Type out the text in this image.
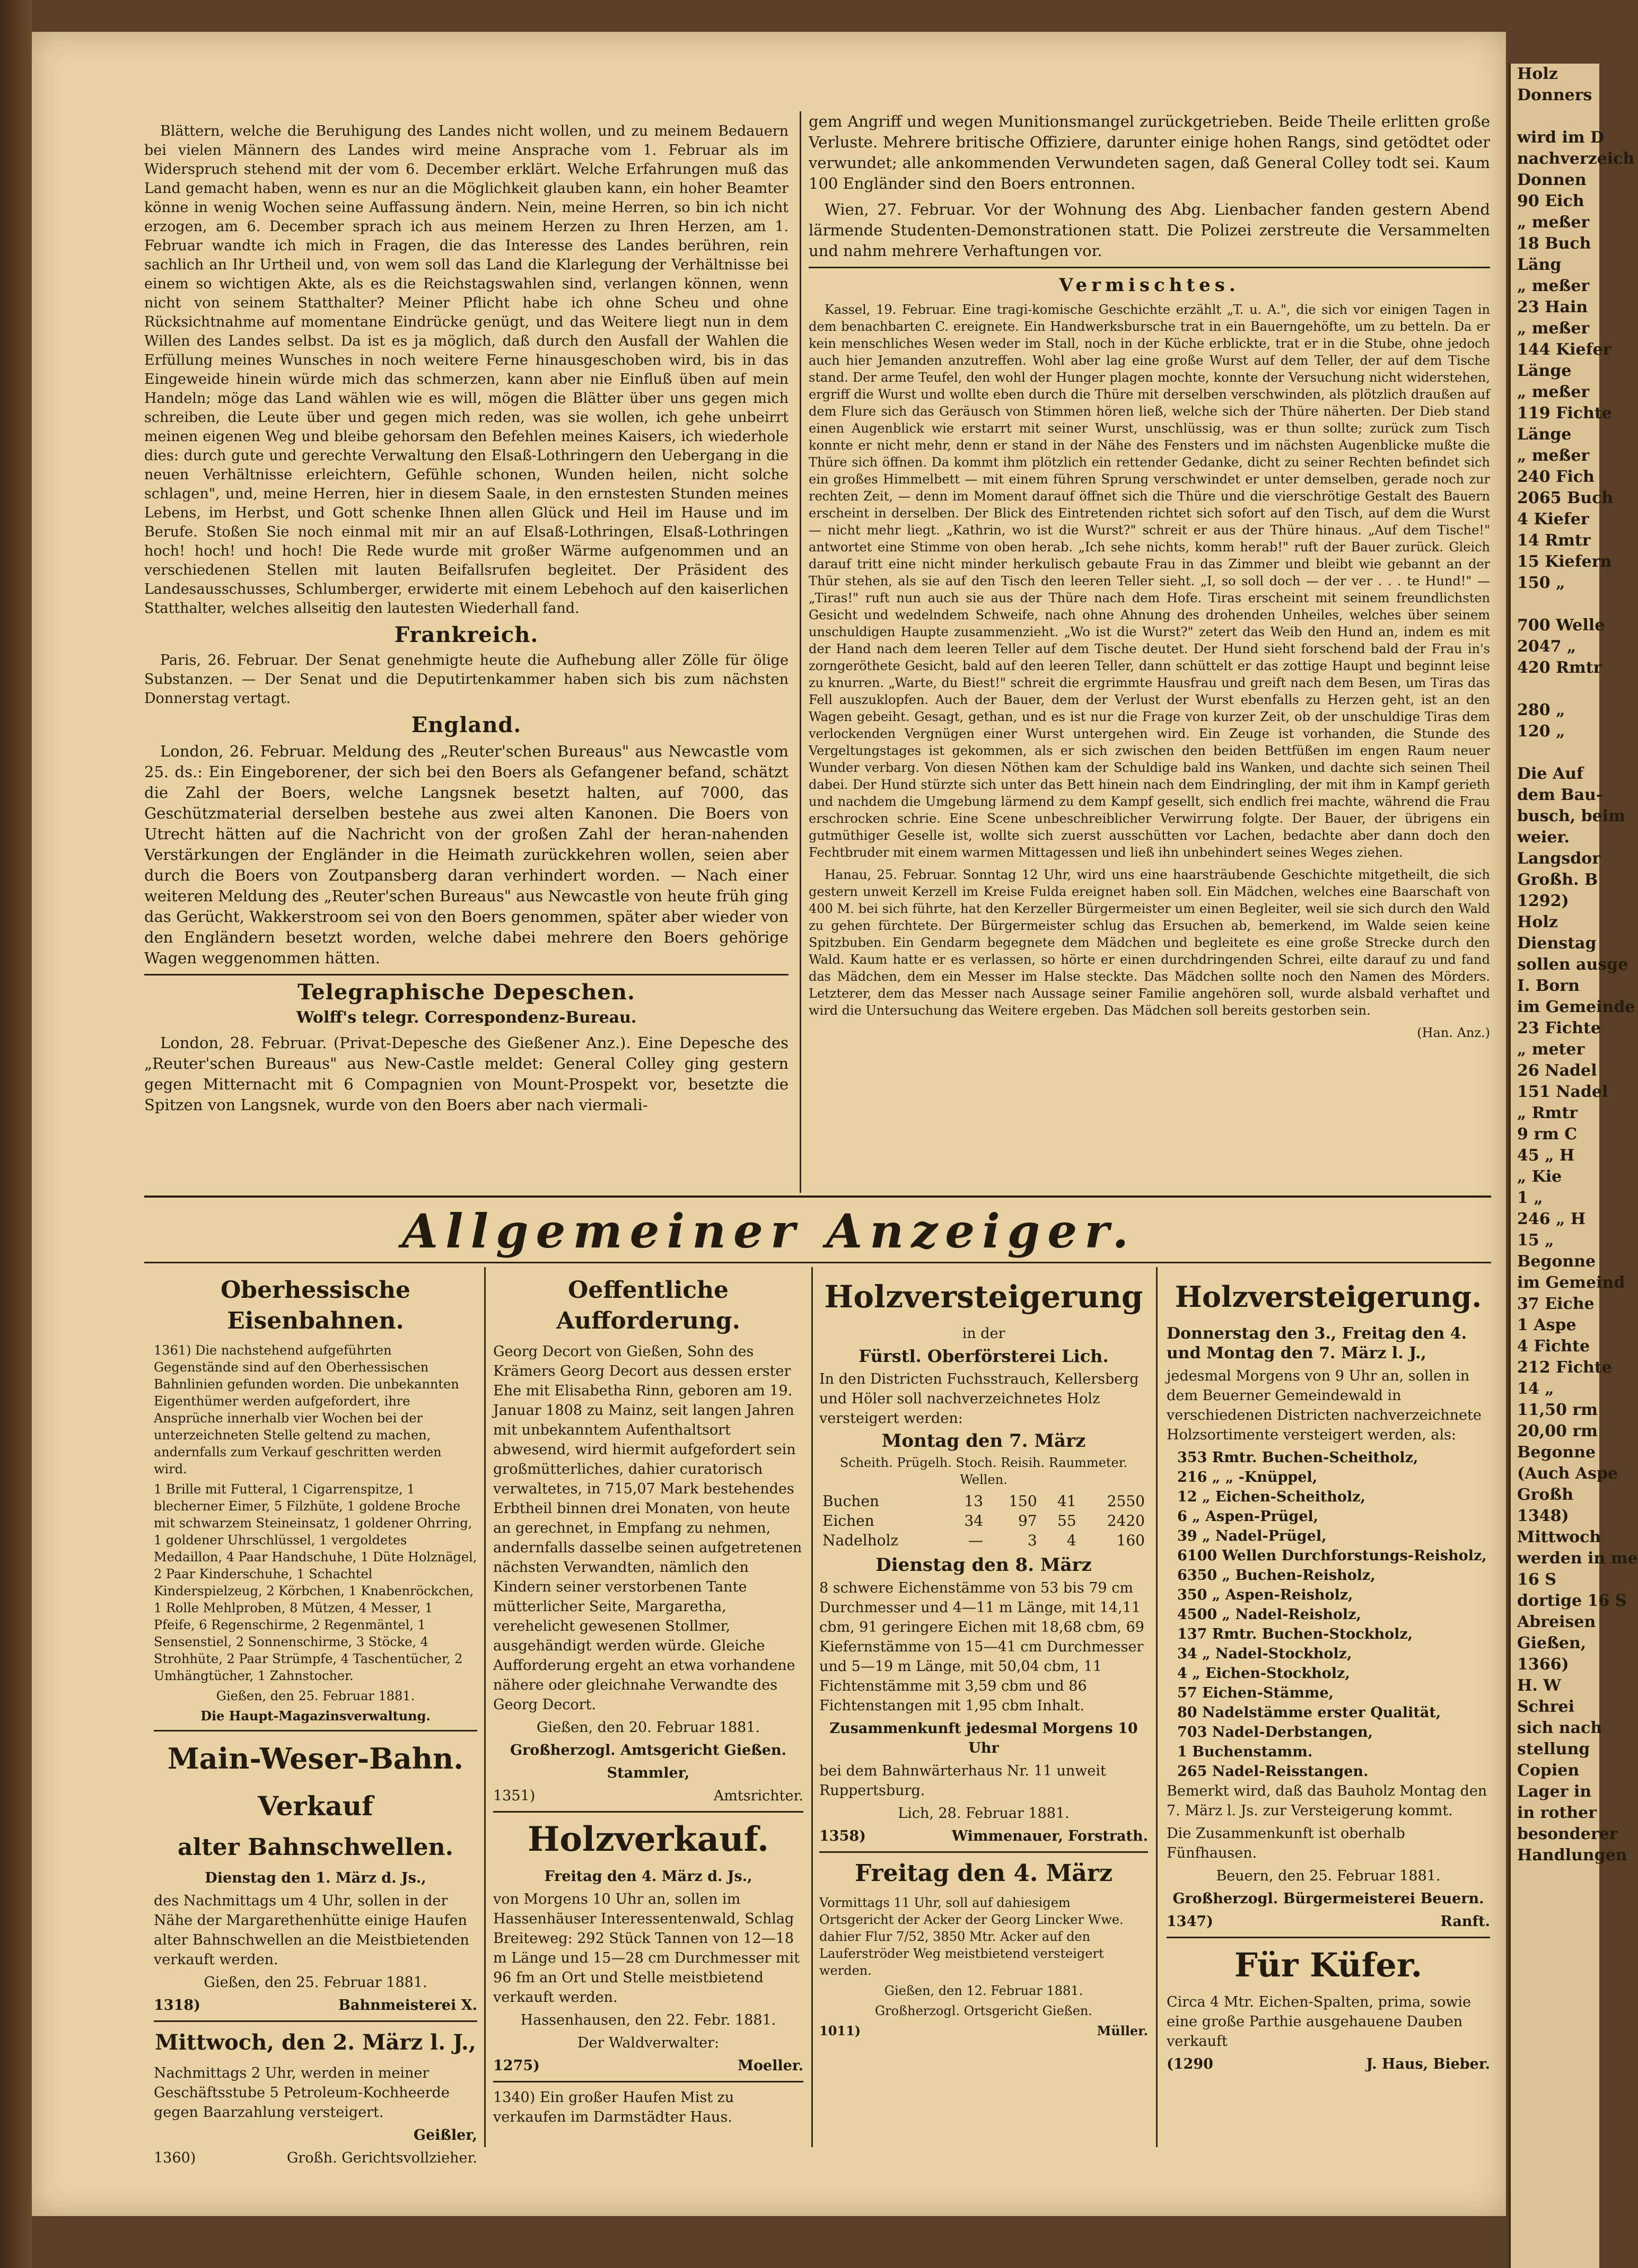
Blättern, welche die Beruhigung des Landes nicht wollen, und zu meinem Bedauern bei vielen Männern des Landes wird meine Ansprache vom 1. Februar als im Widerspruch stehend mit der vom 6. December erklärt. Welche Erfahrungen muß das Land gemacht haben, wenn es nur an die Möglichkeit glauben kann, ein hoher Beamter könne in wenig Wochen seine Auffassung ändern. Nein, meine Herren, so bin ich nicht erzogen, am 6. December sprach ich aus meinem Herzen zu Ihren Herzen, am 1. Februar wandte ich mich in Fragen, die das Interesse des Landes berühren, rein sachlich an Ihr Urtheil und, von wem soll das Land die Klarlegung der Verhältnisse bei einem so wichtigen Akte, als es die Reichstagswahlen sind, verlangen können, wenn nicht von seinem Statthalter? Meiner Pflicht habe ich ohne Scheu und ohne Rücksichtnahme auf momentane Eindrücke genügt, und das Weitere liegt nun in dem Willen des Landes selbst. Da ist es ja möglich, daß durch den Ausfall der Wahlen die Erfüllung meines Wunsches in noch weitere Ferne hinausgeschoben wird, bis in das Eingeweide hinein würde mich das schmerzen, kann aber nie Einfluß üben auf mein Handeln; möge das Land wählen wie es will, mögen die Blätter über uns gegen mich schreiben, die Leute über und gegen mich reden, was sie wollen, ich gehe unbeirrt meinen eigenen Weg und bleibe gehorsam den Befehlen meines Kaisers, ich wiederhole dies: durch gute und gerechte Verwaltung den Elsaß-Lothringern den Uebergang in die neuen Verhältnisse erleichtern, Gefühle schonen, Wunden heilen, nicht solche schlagen", und, meine Herren, hier in diesem Saale, in den ernstesten Stunden meines Lebens, im Herbst, und Gott schenke Ihnen allen Glück und Heil im Hause und im Berufe. Stoßen Sie noch einmal mit mir an auf Elsaß-Lothringen, Elsaß-Lothringen hoch! hoch! und hoch! Die Rede wurde mit großer Wärme aufgenommen und an verschiedenen Stellen mit lauten Beifallsrufen begleitet. Der Präsident des Landesausschusses, Schlumberger, erwiderte mit einem Lebehoch auf den kaiserlichen Statthalter, welches allseitig den lautesten Wiederhall fand.

Frankreich.

Paris, 26. Februar. Der Senat genehmigte heute die Aufhebung aller Zölle für ölige Substanzen. — Der Senat und die Deputirtenkammer haben sich bis zum nächsten Donnerstag vertagt.

England.

London, 26. Februar. Meldung des „Reuter'schen Bureaus" aus Newcastle vom 25. ds.: Ein Eingeborener, der sich bei den Boers als Gefangener befand, schätzt die Zahl der Boers, welche Langsnek besetzt halten, auf 7000, das Geschützmaterial derselben bestehe aus zwei alten Kanonen. Die Boers von Utrecht hätten auf die Nachricht von der großen Zahl der heran-nahenden Verstärkungen der Engländer in die Heimath zurückkehren wollen, seien aber durch die Boers von Zoutpansberg daran verhindert worden. — Nach einer weiteren Meldung des „Reuter'schen Bureaus" aus Newcastle von heute früh ging das Gerücht, Wakkerstroom sei von den Boers genommen, später aber wieder von den Engländern besetzt worden, welche dabei mehrere den Boers gehörige Wagen weggenommen hätten.

Telegraphische Depeschen.
Wolff's telegr. Correspondenz-Bureau.

London, 28. Februar. (Privat-Depesche des Gießener Anz.). Eine Depesche des „Reuter'schen Bureaus" aus New-Castle meldet: General Colley ging gestern gegen Mitternacht mit 6 Compagnien von Mount-Prospekt vor, besetzte die Spitzen von Langsnek, wurde von den Boers aber nach viermali-

gem Angriff und wegen Munitionsmangel zurückgetrieben. Beide Theile erlitten große Verluste. Mehrere britische Offiziere, darunter einige hohen Rangs, sind getödtet oder verwundet; alle ankommenden Verwundeten sagen, daß General Colley todt sei. Kaum 100 Engländer sind den Boers entronnen.

Wien, 27. Februar. Vor der Wohnung des Abg. Lienbacher fanden gestern Abend lärmende Studenten-Demonstrationen statt. Die Polizei zerstreute die Versammelten und nahm mehrere Verhaftungen vor.

Vermischtes.

Kassel, 19. Februar. Eine tragi-komische Geschichte erzählt „T. u. A.", die sich vor einigen Tagen in dem benachbarten C. ereignete. Ein Handwerksbursche trat in ein Bauerngehöfte, um zu betteln. Da er kein menschliches Wesen weder im Stall, noch in der Küche erblickte, trat er in die Stube, ohne jedoch auch hier Jemanden anzutreffen. Wohl aber lag eine große Wurst auf dem Teller, der auf dem Tische stand. Der arme Teufel, den wohl der Hunger plagen mochte, konnte der Versuchung nicht widerstehen, ergriff die Wurst und wollte eben durch die Thüre mit derselben verschwinden, als plötzlich draußen auf dem Flure sich das Geräusch von Stimmen hören ließ, welche sich der Thüre näherten. Der Dieb stand einen Augenblick wie erstarrt mit seiner Wurst, unschlüssig, was er thun sollte; zurück zum Tisch konnte er nicht mehr, denn er stand in der Nähe des Fensters und im nächsten Augenblicke mußte die Thüre sich öffnen. Da kommt ihm plötzlich ein rettender Gedanke, dicht zu seiner Rechten befindet sich ein großes Himmelbett — mit einem führen Sprung verschwindet er unter demselben, gerade noch zur rechten Zeit, — denn im Moment darauf öffnet sich die Thüre und die vierschrötige Gestalt des Bauern erscheint in derselben. Der Blick des Eintretenden richtet sich sofort auf den Tisch, auf dem die Wurst — nicht mehr liegt. „Kathrin, wo ist die Wurst?" schreit er aus der Thüre hinaus. „Auf dem Tische!" antwortet eine Stimme von oben herab. „Ich sehe nichts, komm herab!" ruft der Bauer zurück. Gleich darauf tritt eine nicht minder herkulisch gebaute Frau in das Zimmer und bleibt wie gebannt an der Thür stehen, als sie auf den Tisch den leeren Teller sieht. „I, so soll doch — der ver . . . te Hund!" — „Tiras!" ruft nun auch sie aus der Thüre nach dem Hofe. Tiras erscheint mit seinem freundlichsten Gesicht und wedelndem Schweife, nach ohne Ahnung des drohenden Unheiles, welches über seinem unschuldigen Haupte zusammenzieht. „Wo ist die Wurst?" zetert das Weib den Hund an, indem es mit der Hand nach dem leeren Teller auf dem Tische deutet. Der Hund sieht forschend bald der Frau in's zorngeröthete Gesicht, bald auf den leeren Teller, dann schüttelt er das zottige Haupt und beginnt leise zu knurren. „Warte, du Biest!" schreit die ergrimmte Hausfrau und greift nach dem Besen, um Tiras das Fell auszuklopfen. Auch der Bauer, dem der Verlust der Wurst ebenfalls zu Herzen geht, ist an den Wagen gebeiht. Gesagt, gethan, und es ist nur die Frage von kurzer Zeit, ob der unschuldige Tiras dem verlockenden Vergnügen einer Wurst untergehen wird. Ein Zeuge ist vorhanden, die Stunde des Vergeltungstages ist gekommen, als er sich zwischen den beiden Bettfüßen im engen Raum neuer Wunder verbarg. Von diesen Nöthen kam der Schuldige bald ins Wanken, und dachte sich seinen Theil dabei. Der Hund stürzte sich unter das Bett hinein nach dem Eindringling, der mit ihm in Kampf gerieth und nachdem die Umgebung lärmend zu dem Kampf gesellt, sich endlich frei machte, während die Frau erschrocken schrie. Eine Scene unbeschreiblicher Verwirrung folgte. Der Bauer, der übrigens ein gutmüthiger Geselle ist, wollte sich zuerst ausschütten vor Lachen, bedachte aber dann doch den Fechtbruder mit einem warmen Mittagessen und ließ ihn unbehindert seines Weges ziehen.

Hanau, 25. Februar. Sonntag 12 Uhr, wird uns eine haarsträubende Geschichte mitgetheilt, die sich gestern unweit Kerzell im Kreise Fulda ereignet haben soll. Ein Mädchen, welches eine Baarschaft von 400 M. bei sich führte, hat den Kerzeller Bürgermeister um einen Begleiter, weil sie sich durch den Wald zu gehen fürchtete. Der Bürgermeister schlug das Ersuchen ab, bemerkend, im Walde seien keine Spitzbuben. Ein Gendarm begegnete dem Mädchen und begleitete es eine große Strecke durch den Wald. Kaum hatte er es verlassen, so hörte er einen durchdringenden Schrei, eilte darauf zu und fand das Mädchen, dem ein Messer im Halse steckte. Das Mädchen sollte noch den Namen des Mörders. Letzterer, dem das Messer nach Aussage seiner Familie angehören soll, wurde alsbald verhaftet und wird die Untersuchung das Weitere ergeben. Das Mädchen soll bereits gestorben sein.

(Han. Anz.)
Allgemeiner Anzeiger.
Oberhessische Eisenbahnen.

1361) Die nachstehend aufgeführten Gegenstände sind auf den Oberhessischen Bahnlinien gefunden worden. Die unbekannten Eigenthümer werden aufgefordert, ihre Ansprüche innerhalb vier Wochen bei der unterzeichneten Stelle geltend zu machen, andernfalls zum Verkauf geschritten werden wird.

1 Brille mit Futteral, 1 Cigarrenspitze, 1 blecherner Eimer, 5 Filzhüte, 1 goldene Broche mit schwarzem Steineinsatz, 1 goldener Ohrring, 1 goldener Uhrschlüssel, 1 vergoldetes Medaillon, 4 Paar Handschuhe, 1 Düte Holznägel, 2 Paar Kinderschuhe, 1 Schachtel Kinderspielzeug, 2 Körbchen, 1 Knabenröckchen, 1 Rolle Mehlproben, 8 Mützen, 4 Messer, 1 Pfeife, 6 Regenschirme, 2 Regenmäntel, 1 Sensenstiel, 2 Sonnenschirme, 3 Stöcke, 4 Strohhüte, 2 Paar Strümpfe, 4 Taschentücher, 2 Umhängtücher, 1 Zahnstocher.

Gießen, den 25. Februar 1881.

Die Haupt-Magazinsverwaltung.

Main-Weser-Bahn.
Verkauf
alter Bahnschwellen.

Dienstag den 1. März d. Js.,

des Nachmittags um 4 Uhr, sollen in der Nähe der Margarethenhütte einige Haufen alter Bahnschwellen an die Meistbietenden verkauft werden.

Gießen, den 25. Februar 1881.

1318)	Bahnmeisterei X.
Mittwoch, den 2. März l. J.,

Nachmittags 2 Uhr, werden in meiner Geschäftsstube 5 Petroleum-Kochheerde gegen Baarzahlung versteigert.

Geißler,

1360)	Großh. Gerichtsvollzieher.
Oeffentliche Aufforderung.

Georg Decort von Gießen, Sohn des Krämers Georg Decort aus dessen erster Ehe mit Elisabetha Rinn, geboren am 19. Januar 1808 zu Mainz, seit langen Jahren mit unbekanntem Aufenthaltsort abwesend, wird hiermit aufgefordert sein großmütterliches, dahier curatorisch verwaltetes, in 715,07 Mark bestehendes Erbtheil binnen drei Monaten, von heute an gerechnet, in Empfang zu nehmen, andernfalls dasselbe seinen aufgetretenen nächsten Verwandten, nämlich den Kindern seiner verstorbenen Tante mütterlicher Seite, Margaretha, verehelicht gewesenen Stollmer, ausgehändigt werden würde. Gleiche Aufforderung ergeht an etwa vorhandene nähere oder gleichnahe Verwandte des Georg Decort.

Gießen, den 20. Februar 1881.

Großherzogl. Amtsgericht Gießen.

Stammler,

1351)	Amtsrichter.
Holzverkauf.

Freitag den 4. März d. Js.,

von Morgens 10 Uhr an, sollen im Hassenhäuser Interessentenwald, Schlag Breiteweg: 292 Stück Tannen von 12—18 m Länge und 15—28 cm Durchmesser mit 96 fm an Ort und Stelle meistbietend verkauft werden.

Hassenhausen, den 22. Febr. 1881.

Der Waldverwalter:

1275)	Moeller.

1340) Ein großer Haufen Mist zu verkaufen im Darmstädter Haus.

Holzversteigerung

in der

Fürstl. Oberförsterei Lich.

In den Districten Fuchsstrauch, Kellersberg und Höler soll nachverzeichnetes Holz versteigert werden:

Montag den 7. März

Scheith. Prügelh. Stoch. Reisih. Raummeter. Wellen.

Buchen	13	150	41	2550
Eichen	34	97	55	2420
Nadelholz	—	3	4	160

Dienstag den 8. März

8 schwere Eichenstämme von 53 bis 79 cm Durchmesser und 4—11 m Länge, mit 14,11 cbm, 91 geringere Eichen mit 18,68 cbm, 69 Kiefernstämme von 15—41 cm Durchmesser und 5—19 m Länge, mit 50,04 cbm, 11 Fichtenstämme mit 3,59 cbm und 86 Fichtenstangen mit 1,95 cbm Inhalt.

Zusammenkunft jedesmal Morgens 10 Uhr

bei dem Bahnwärterhaus Nr. 11 unweit Ruppertsburg.

Lich, 28. Februar 1881.

1358)	Wimmenauer, Forstrath.
Freitag den 4. März

Vormittags 11 Uhr, soll auf dahiesigem Ortsgericht der Acker der Georg Lincker Wwe. dahier Flur 7/52, 3850 Mtr. Acker auf den Lauferströder Weg meistbietend versteigert werden.

Gießen, den 12. Februar 1881.

Großherzogl. Ortsgericht Gießen.

1011)	Müller.
Holzversteigerung.

Donnerstag den 3., Freitag den 4. und Montag den 7. März l. J.,

jedesmal Morgens von 9 Uhr an, sollen in dem Beuerner Gemeindewald in verschiedenen Districten nachverzeichnete Holzsortimente versteigert werden, als:

353 Rmtr. Buchen-Scheitholz,
216 „ „ -Knüppel,
12 „ Eichen-Scheitholz,
6 „ Aspen-Prügel,
39 „ Nadel-Prügel,
6100 Wellen Durchforstungs-Reisholz,
6350 „ Buchen-Reisholz,
350 „ Aspen-Reisholz,
4500 „ Nadel-Reisholz,
137 Rmtr. Buchen-Stockholz,
34 „ Nadel-Stockholz,
4 „ Eichen-Stockholz,
57 Eichen-Stämme,
80 Nadelstämme erster Qualität,
703 Nadel-Derbstangen,
1 Buchenstamm.
265 Nadel-Reisstangen.

Bemerkt wird, daß das Bauholz Montag den 7. März l. Js. zur Versteigerung kommt.

Die Zusammenkunft ist oberhalb Fünfhausen.

Beuern, den 25. Februar 1881.

Großherzogl. Bürgermeisterei Beuern.

1347)	Ranft.
Für Küfer.

Circa 4 Mtr. Eichen-Spalten, prima, sowie eine große Parthie ausgehauene Dauben verkauft

(1290	J. Haus, Bieber.
Holz
Donners

wird im D
nachverzeich
Donnen
90 Eich
„ meßer
18 Buch
Läng
„ meßer
23 Hain
„ meßer
144 Kiefer
Länge
„ meßer
119 Fichte
Länge
„ meßer
240 Fich
2065 Buch
4 Kiefer
14 Rmtr
15 Kiefern
150 „

700 Welle
2047 „
420 Rmtr

280 „
120 „

Die Auf
dem Bau-
busch, beim
weier.
Langsdor
Großh. B
1292)
Holz
Dienstag
sollen ausge
I. Born
im Gemeinde
23 Fichte
„ meter
26 Nadel
151 Nadel
„ Rmtr
9 rm C
45 „ H
„ Kie
1 „
246 „ H
15 „
Begonne
im Gemeind
37 Eiche
1 Aspe
4 Fichte
212 Fichte
14 „
11,50 rm
20,00 rm
Begonne
(Auch Aspe
Großh
1348)
Mittwoch
werden in me
16 S
dortige 16 S
Abreisen
Gießen,
1366)
H. W
Schrei
sich nach
stellung
Copien
Lager in
in rother
besonderer
Handlungen
